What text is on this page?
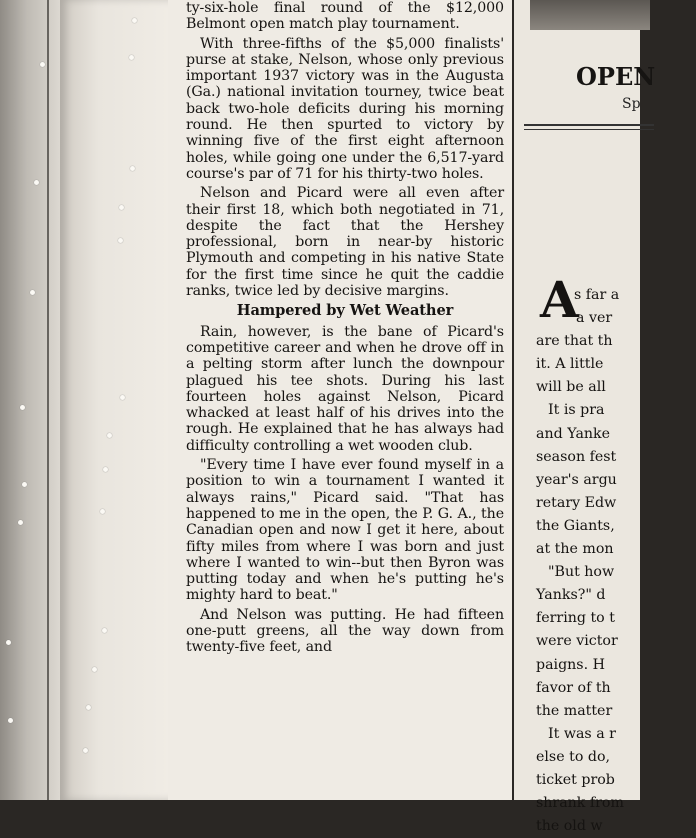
ty-six-hole final round of the $12,000 Belmont open match play tournament.

With three-fifths of the $5,000 finalists' purse at stake, Nelson, whose only previous important 1937 victory was in the Augusta (Ga.) national invitation tourney, twice beat back two-hole deficits during his morning round. He then spurted to victory by winning five of the first eight afternoon holes, while going one under the 6,517-yard course's par of 71 for his thirty-two holes.

Nelson and Picard were all even after their first 18, which both negotiated in 71, despite the fact that the Hershey professional, born in near-by historic Plymouth and competing in his native State for the first time since he quit the caddie ranks, twice led by decisive margins.

Hampered by Wet Weather

Rain, however, is the bane of Picard's competitive career and when he drove off in a pelting storm after lunch the downpour plagued his tee shots. During his last fourteen holes against Nelson, Picard whacked at least half of his drives into the rough. He explained that he has always had difficulty controlling a wet wooden club.

"Every time I have ever found myself in a position to win a tournament I wanted it always rains," Picard said. "That has happened to me in the open, the P. G. A., the Canadian open and now I get it here, about fifty miles from where I was born and just where I wanted to win--but then Byron was putting today and when he's putting he's mighty hard to beat."

And Nelson was putting. He had fifteen one-putt greens, all the way down from twenty-five feet, and

OPEN
Sp
A
s far a
a ver
are that th
it. A little
will be all
It is pra
and Yanke
season fest
year's argu
retary Edw
the Giants,
at the mon
"But how
Yanks?" d
ferring to t
were victor
paigns. H
favor of th
the matter
It was a r
else to do,
ticket prob
shrank from
the old w
